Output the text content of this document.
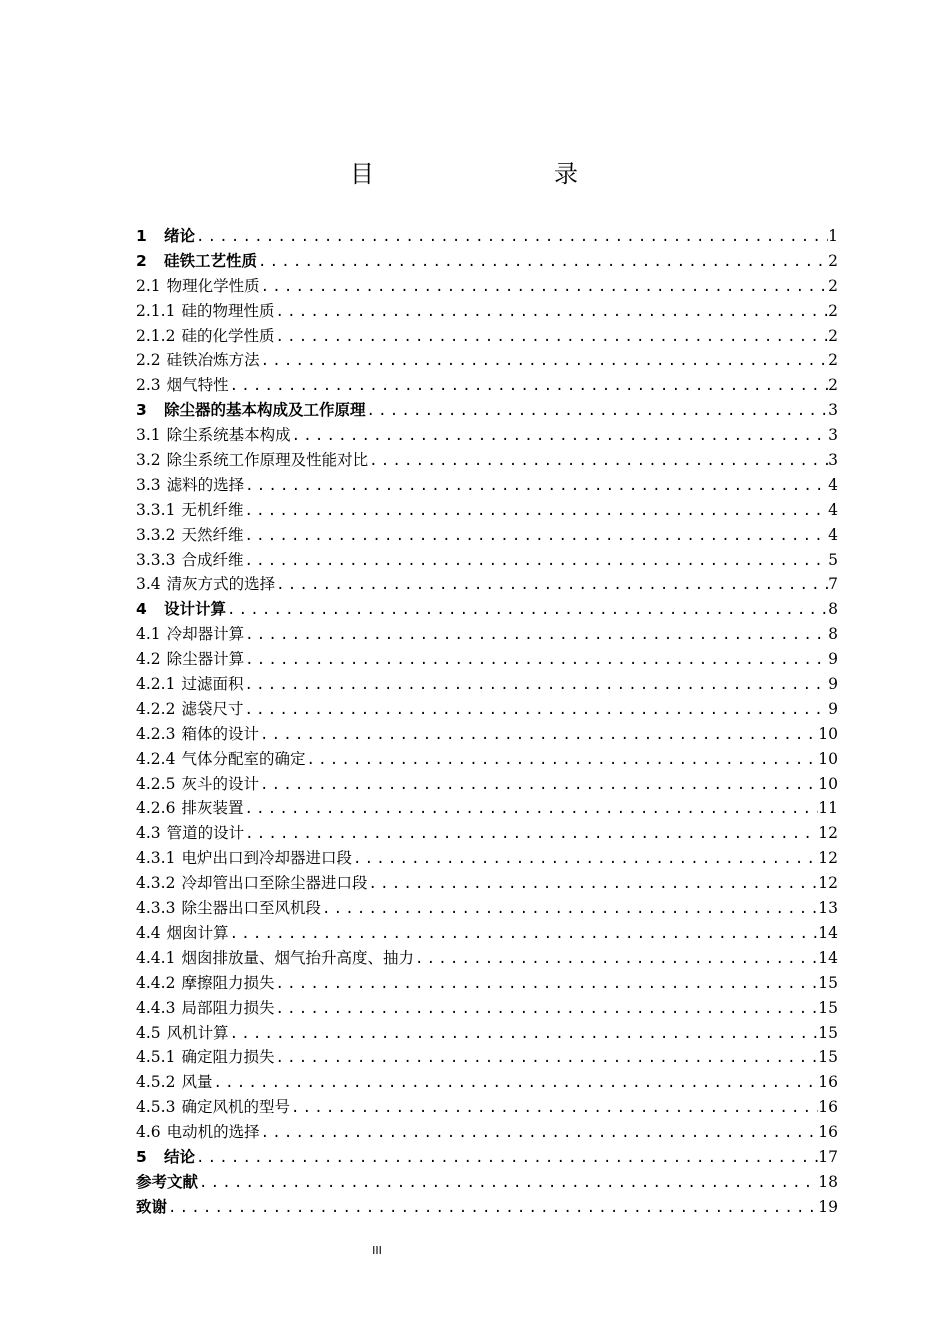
目　　录
1	绪论 .....	1
2	硅铁工艺性质 .....	2
2.1 物理化学性质 .....	2
2.1.1 硅的物理性质 .....	2
2.1.2 硅的化学性质 .....	2
2.2 硅铁冶炼方法 .....	2
2.3 烟气特性 .....	2
3	除尘器的基本构成及工作原理 .....	3
3.1 除尘系统基本构成 .....	3
3.2 除尘系统工作原理及性能对比 .....	3
3.3 滤料的选择 .....	4
3.3.1 无机纤维 .....	4
3.3.2 天然纤维 .....	4
3.3.3 合成纤维 .....	5
3.4 清灰方式的选择 .....	7
4	设计计算 .....	8
4.1 冷却器计算 .....	8
4.2 除尘器计算 .....	9
4.2.1 过滤面积 .....	9
4.2.2 滤袋尺寸 .....	9
4.2.3 箱体的设计 .....	10
4.2.4 气体分配室的确定 .....	10
4.2.5 灰斗的设计 .....	10
4.2.6 排灰装置 .....	11
4.3 管道的设计 .....	12
4.3.1 电炉出口到冷却器进口段 .....	12
4.3.2 冷却管出口至除尘器进口段 .....	12
4.3.3 除尘器出口至风机段 .....	13
4.4 烟囱计算 .....	14
4.4.1 烟囱排放量、烟气抬升高度、抽力 .....	14
4.4.2 摩擦阻力损失 .....	15
4.4.3 局部阻力损失 .....	15
4.5 风机计算 .....	15
4.5.1 确定阻力损失 .....	15
4.5.2 风量 .....	16
4.5.3 确定风机的型号 .....	16
4.6 电动机的选择 .....	16
5	结论 .....	17
参考文献 .....	18
致谢 .....	19
III
